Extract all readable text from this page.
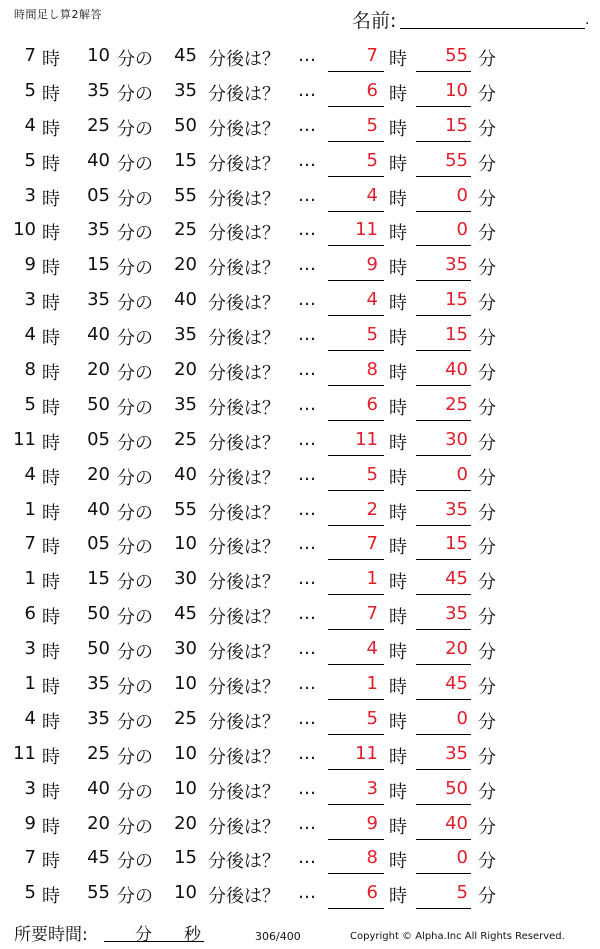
時間足し算2解答	名前:	.
7 時	10 分の	45 分後は？ …	7 時	55 分
5 時	35 分の	35 分後は？ …	6 時	10 分
4 時	25 分の	50 分後は？ …	5 時	15 分
5 時	40 分の	15 分後は？ …	5 時	55 分
3 時	05 分の	55 分後は？ …	4 時	0 分
10 時	35 分の	25 分後は？ …	11 時	0 分
9 時	15 分の	20 分後は？ …	9 時	35 分
3 時	35 分の	40 分後は？ …	4 時	15 分
4 時	40 分の	35 分後は？ …	5 時	15 分
8 時	20 分の	20 分後は？ …	8 時	40 分
5 時	50 分の	35 分後は？ …	6 時	25 分
11 時	05 分の	25 分後は？ …	11 時	30 分
4 時	20 分の	40 分後は？ …	5 時	0 分
1 時	40 分の	55 分後は？ …	2 時	35 分
7 時	05 分の	10 分後は？ …	7 時	15 分
1 時	15 分の	30 分後は？ …	1 時	45 分
6 時	50 分の	45 分後は？ …	7 時	35 分
3 時	50 分の	30 分後は？ …	4 時	20 分
1 時	35 分の	10 分後は？ …	1 時	45 分
4 時	35 分の	25 分後は？ …	5 時	0 分
11 時	25 分の	10 分後は？ …	11 時	35 分
3 時	40 分の	10 分後は？ …	3 時	50 分
9 時	20 分の	20 分後は？ …	9 時	40 分
7 時	45 分の	15 分後は？ …	8 時	0 分
5 時	55 分の	10 分後は？ …	6 時	5 分
所要時間:	分 秒	306/400	Copyright © Alpha.Inc All Rights Reserved.
